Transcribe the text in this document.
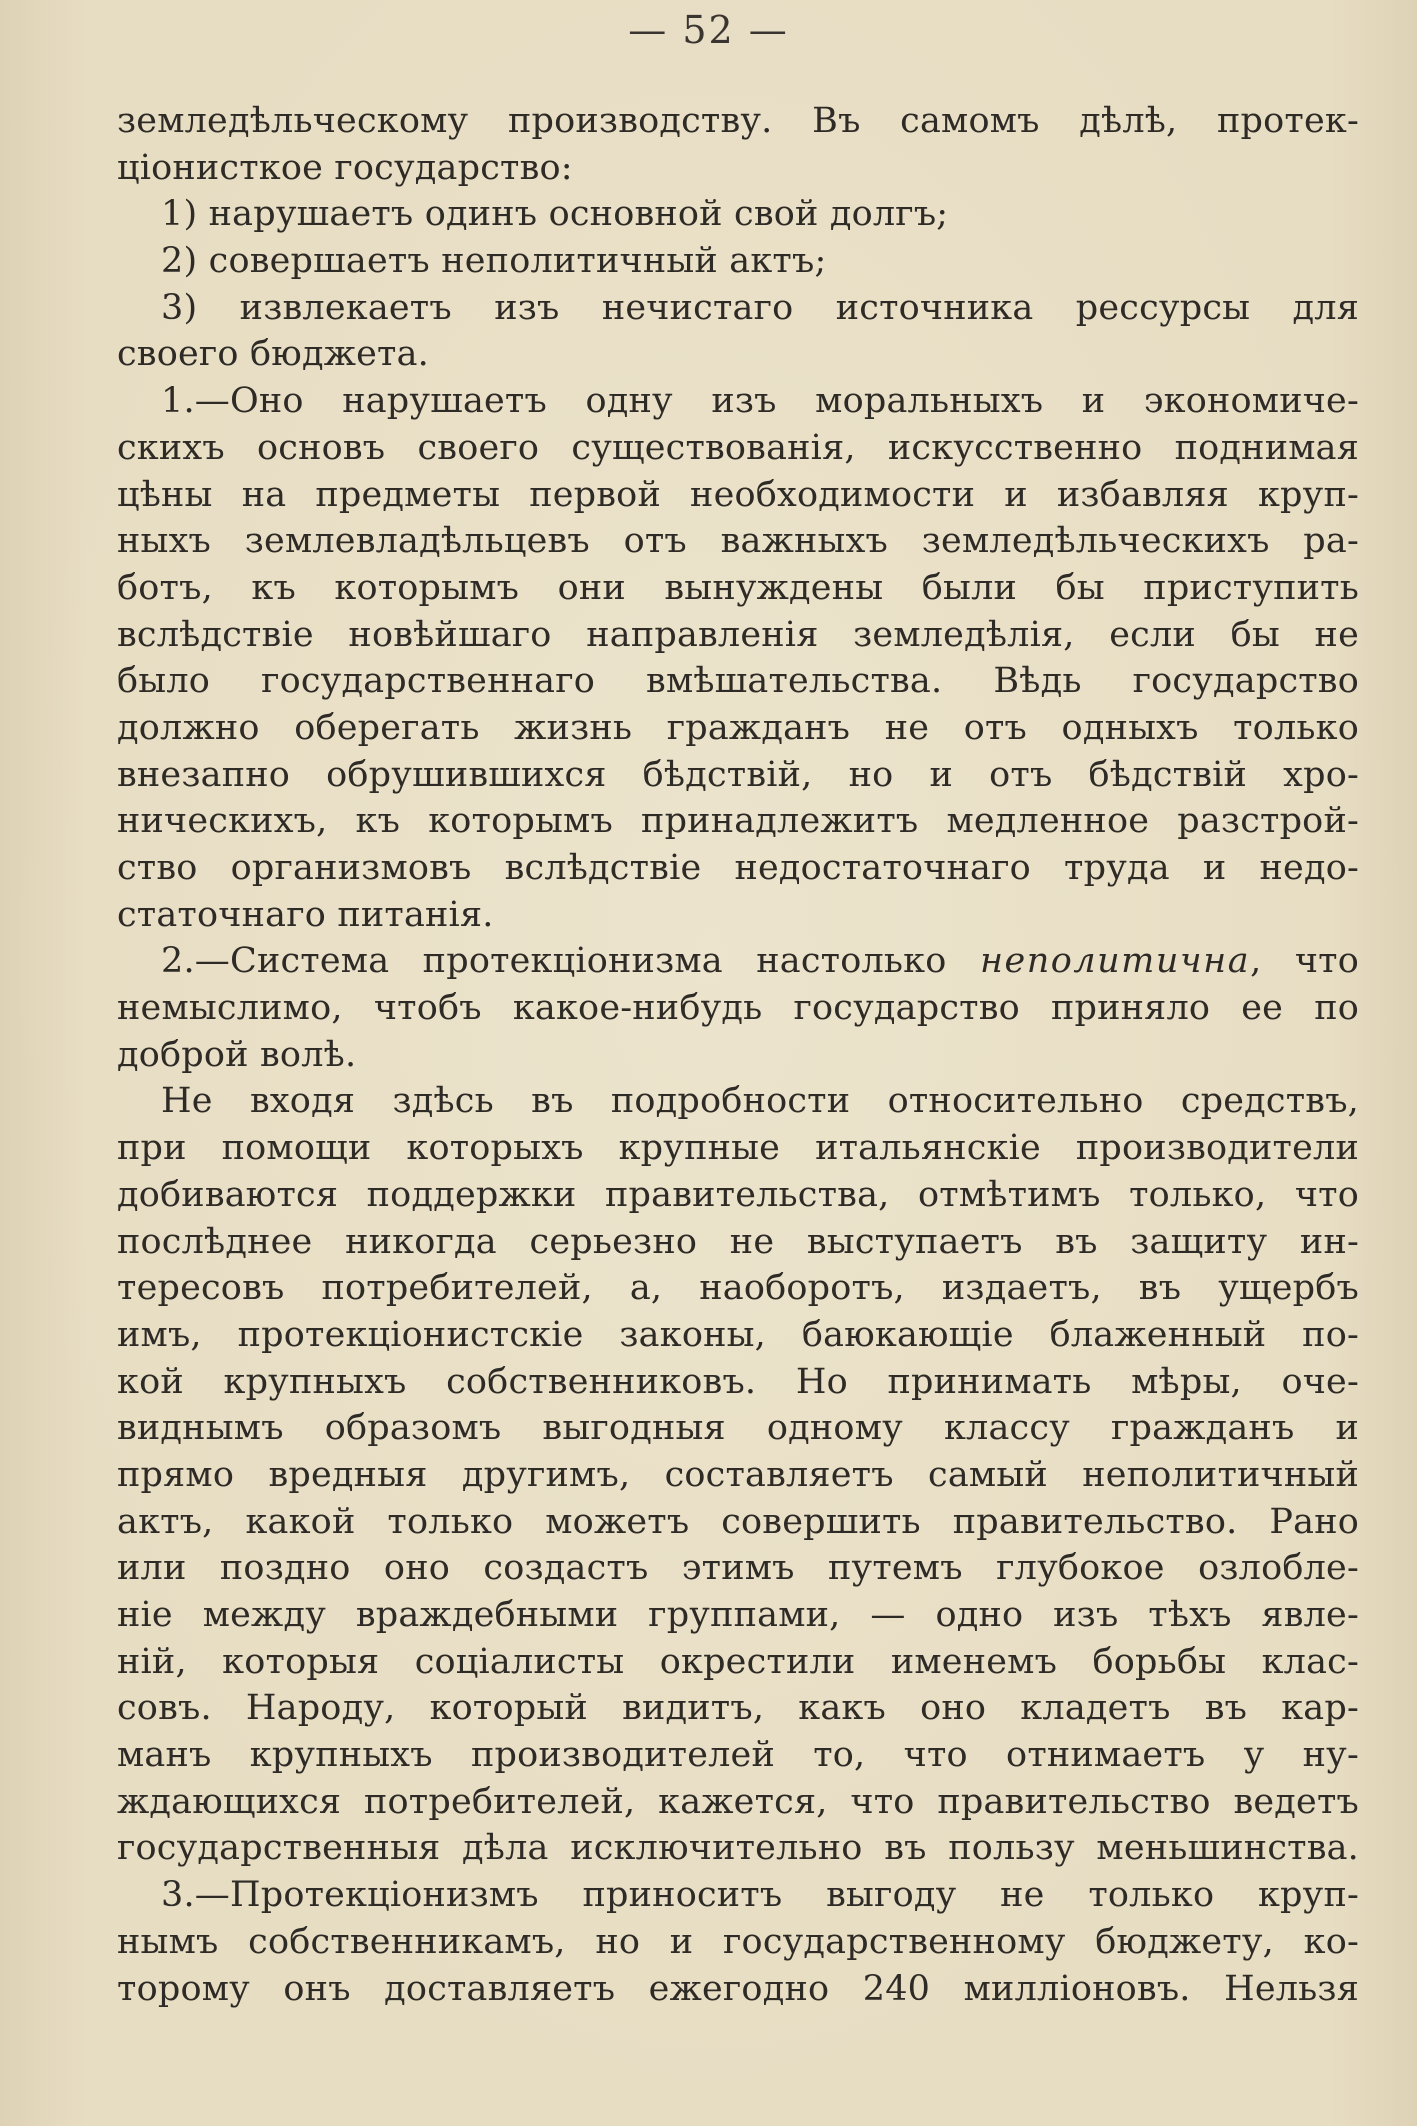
— 52 —
земледѣльческому производству. Въ самомъ дѣлѣ, протек-
ціонисткое государство:
1) нарушаетъ одинъ основной свой долгъ;
2) совершаетъ неполитичный актъ;
3) извлекаетъ изъ нечистаго источника рессурсы для
своего бюджета.
1.—Оно нарушаетъ одну изъ моральныхъ и экономиче-
скихъ основъ своего существованія, искусственно поднимая
цѣны на предметы первой необходимости и избавляя круп-
ныхъ землевладѣльцевъ отъ важныхъ земледѣльческихъ ра-
ботъ, къ которымъ они вынуждены были бы приступить
вслѣдствіе новѣйшаго направленія земледѣлія, если бы не
было государственнаго вмѣшательства. Вѣдь государство
должно оберегать жизнь гражданъ не отъ одныхъ только
внезапно обрушившихся бѣдствій, но и отъ бѣдствій хро-
ническихъ, къ которымъ принадлежитъ медленное разстрой-
ство организмовъ вслѣдствіе недостаточнаго труда и недо-
статочнаго питанія.
2.—Система протекціонизма настолько неполитична, что
немыслимо, чтобъ какое-нибудь государство приняло ее по
доброй волѣ.
Не входя здѣсь въ подробности относительно средствъ,
при помощи которыхъ крупные итальянскіе производители
добиваются поддержки правительства, отмѣтимъ только, что
послѣднее никогда серьезно не выступаетъ въ защиту ин-
тересовъ потребителей, а, наоборотъ, издаетъ, въ ущербъ
имъ, протекціонистскіе законы, баюкающіе блаженный по-
кой крупныхъ собственниковъ. Но принимать мѣры, оче-
виднымъ образомъ выгодныя одному классу гражданъ и
прямо вредныя другимъ, составляетъ самый неполитичный
актъ, какой только можетъ совершить правительство. Рано
или поздно оно создастъ этимъ путемъ глубокое озлобле-
ніе между враждебными группами, — одно изъ тѣхъ явле-
ній, которыя соціалисты окрестили именемъ борьбы клас-
совъ. Народу, который видитъ, какъ оно кладетъ въ кар-
манъ крупныхъ производителей то, что отнимаетъ у ну-
ждающихся потребителей, кажется, что правительство ведетъ
государственныя дѣла исключительно въ пользу меньшинства.
3.—Протекціонизмъ приноситъ выгоду не только круп-
нымъ собственникамъ, но и государственному бюджету, ко-
торому онъ доставляетъ ежегодно 240 милліоновъ. Нельзя
